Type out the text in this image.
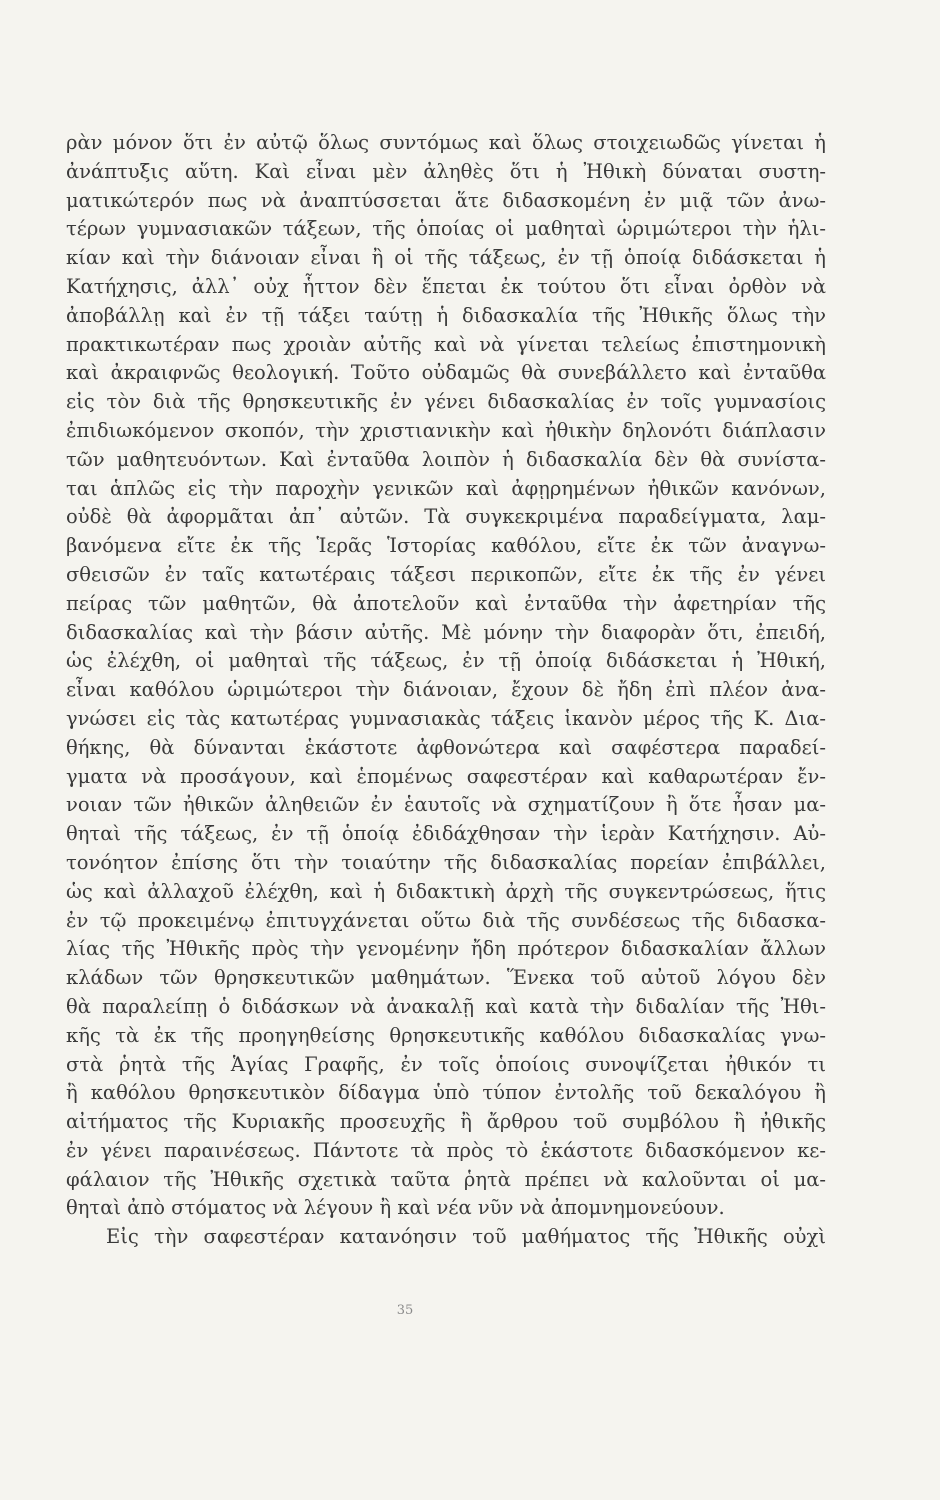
ρὰν μόνον ὅτι ἐν αὐτῷ ὅλως συντόμως καὶ ὅλως στοιχειωδῶς γίνεται ἡ
ἀνάπτυξις αὕτη. Καὶ εἶναι μὲν ἀληθὲς ὅτι ἡ Ἠθικὴ δύναται συστη-
ματικώτερόν πως νὰ ἀναπτύσσεται ἅτε διδασκομένη ἐν μιᾷ τῶν ἀνω-
τέρων γυμνασιακῶν τάξεων, τῆς ὁποίας οἱ μαθηταὶ ὡριμώτεροι τὴν ἡλι-
κίαν καὶ τὴν διάνοιαν εἶναι ἢ οἱ τῆς τάξεως, ἐν τῇ ὁποίᾳ διδάσκεται ἡ
Κατήχησις, ἀλλ᾽ οὐχ ἧττον δὲν ἕπεται ἐκ τούτου ὅτι εἶναι ὀρθὸν νὰ
ἀποβάλλῃ καὶ ἐν τῇ τάξει ταύτῃ ἡ διδασκαλία τῆς Ἠθικῆς ὅλως τὴν
πρακτικωτέραν πως χροιὰν αὐτῆς καὶ νὰ γίνεται τελείως ἐπιστημονικὴ
καὶ ἀκραιφνῶς θεολογική. Τοῦτο οὐδαμῶς θὰ συνεβάλλετο καὶ ἐνταῦθα
εἰς τὸν διὰ τῆς θρησκευτικῆς ἐν γένει διδασκαλίας ἐν τοῖς γυμνασίοις
ἐπιδιωκόμενον σκοπόν, τὴν χριστιανικὴν καὶ ἠθικὴν δηλονότι διάπλασιν
τῶν μαθητευόντων. Καὶ ἐνταῦθα λοιπὸν ἡ διδασκαλία δὲν θὰ συνίστα-
ται ἁπλῶς εἰς τὴν παροχὴν γενικῶν καὶ ἀφῃρημένων ἠθικῶν κανόνων,
οὐδὲ θὰ ἀφορμᾶται ἀπ᾽ αὐτῶν. Τὰ συγκεκριμένα παραδείγματα, λαμ-
βανόμενα εἴτε ἐκ τῆς Ἱερᾶς Ἱστορίας καθόλου, εἴτε ἐκ τῶν ἀναγνω-
σθεισῶν ἐν ταῖς κατωτέραις τάξεσι περικοπῶν, εἴτε ἐκ τῆς ἐν γένει
πείρας τῶν μαθητῶν, θὰ ἀποτελοῦν καὶ ἐνταῦθα τὴν ἀφετηρίαν τῆς
διδασκαλίας καὶ τὴν βάσιν αὐτῆς. Μὲ μόνην τὴν διαφορὰν ὅτι, ἐπειδή,
ὡς ἐλέχθη, οἱ μαθηταὶ τῆς τάξεως, ἐν τῇ ὁποίᾳ διδάσκεται ἡ Ἠθική,
εἶναι καθόλου ὡριμώτεροι τὴν διάνοιαν, ἔχουν δὲ ἤδη ἐπὶ πλέον ἀνα-
γνώσει εἰς τὰς κατωτέρας γυμνασιακὰς τάξεις ἱκανὸν μέρος τῆς Κ. Δια-
θήκης, θὰ δύνανται ἑκάστοτε ἀφθονώτερα καὶ σαφέστερα παραδεί-
γματα νὰ προσάγουν, καὶ ἑπομένως σαφεστέραν καὶ καθαρωτέραν ἔν-
νοιαν τῶν ἠθικῶν ἀληθειῶν ἐν ἑαυτοῖς νὰ σχηματίζουν ἢ ὅτε ἦσαν μα-
θηταὶ τῆς τάξεως, ἐν τῇ ὁποίᾳ ἐδιδάχθησαν τὴν ἱερὰν Κατήχησιν. Αὐ-
τονόητον ἐπίσης ὅτι τὴν τοιαύτην τῆς διδασκαλίας πορείαν ἐπιβάλλει,
ὡς καὶ ἀλλαχοῦ ἐλέχθη, καὶ ἡ διδακτικὴ ἀρχὴ τῆς συγκεντρώσεως, ἥτις
ἐν τῷ προκειμένῳ ἐπιτυγχάνεται οὕτω διὰ τῆς συνδέσεως τῆς διδασκα-
λίας τῆς Ἠθικῆς πρὸς τὴν γενομένην ἤδη πρότερον διδασκαλίαν ἄλλων
κλάδων τῶν θρησκευτικῶν μαθημάτων. Ἕνεκα τοῦ αὐτοῦ λόγου δὲν
θὰ παραλείπῃ ὁ διδάσκων νὰ ἀνακαλῇ καὶ κατὰ τὴν διδαλίαν τῆς Ἠθι-
κῆς τὰ ἐκ τῆς προηγηθείσης θρησκευτικῆς καθόλου διδασκαλίας γνω-
στὰ ῥητὰ τῆς Ἁγίας Γραφῆς, ἐν τοῖς ὁποίοις συνοψίζεται ἠθικόν τι
ἢ καθόλου θρησκευτικὸν δίδαγμα ὑπὸ τύπον ἐντολῆς τοῦ δεκαλόγου ἢ
αἰτήματος τῆς Κυριακῆς προσευχῆς ἢ ἄρθρου τοῦ συμβόλου ἢ ἠθικῆς
ἐν γένει παραινέσεως. Πάντοτε τὰ πρὸς τὸ ἑκάστοτε διδασκόμενον κε-
φάλαιον τῆς Ἠθικῆς σχετικὰ ταῦτα ῥητὰ πρέπει νὰ καλοῦνται οἱ μα-
θηταὶ ἀπὸ στόματος νὰ λέγουν ἢ καὶ νέα νῦν νὰ ἀπομνημονεύουν.
Εἰς τὴν σαφεστέραν κατανόησιν τοῦ μαθήματος τῆς Ἠθικῆς οὐχὶ
35
